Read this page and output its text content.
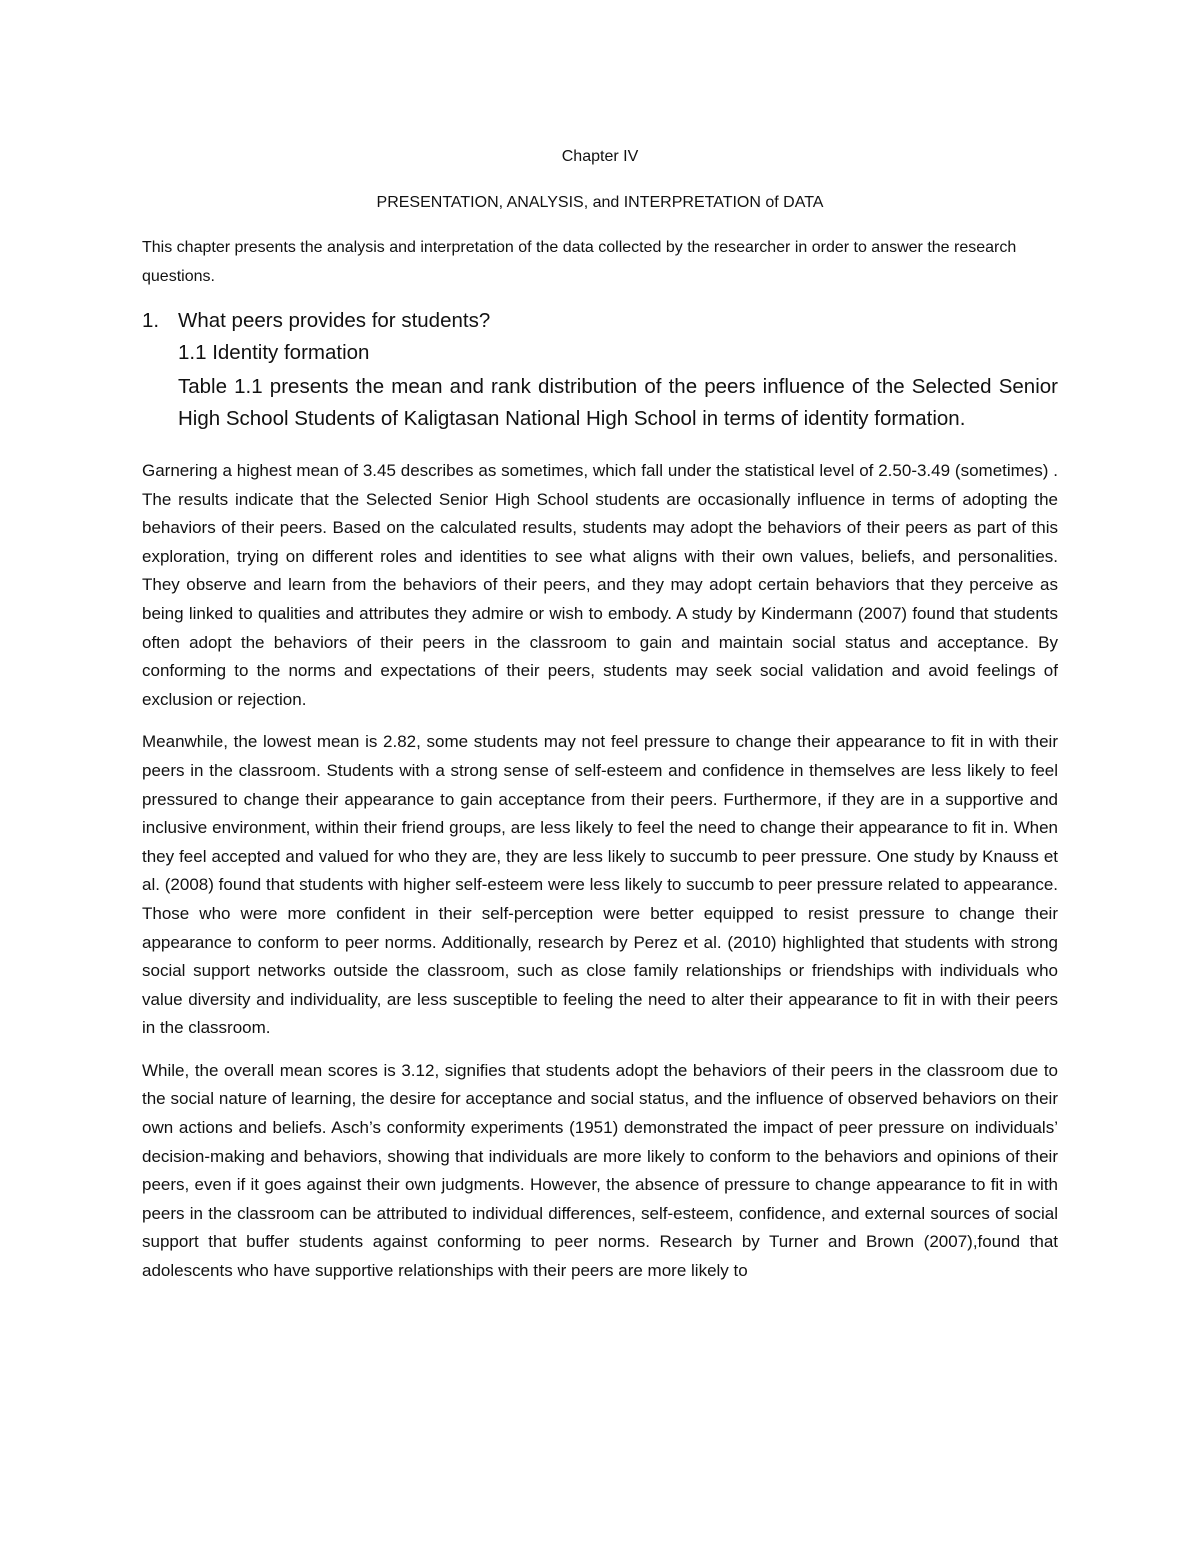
Chapter IV
PRESENTATION, ANALYSIS, and INTERPRETATION of DATA

This chapter presents the analysis and interpretation of the data collected by the researcher in order to answer the research questions.

1. What peers provides for students?
1.1 Identity formation

Table 1.1 presents the mean and rank distribution of the peers influence of the Selected Senior High School Students of Kaligtasan National High School in terms of identity formation.

Garnering a highest mean of 3.45 describes as sometimes, which fall under the statistical level of 2.50-3.49 (sometimes) . The results indicate that the Selected Senior High School students are occasionally influence in terms of adopting the behaviors of their peers. Based on the calculated results, students may adopt the behaviors of their peers as part of this exploration, trying on different roles and identities to see what aligns with their own values, beliefs, and personalities. They observe and learn from the behaviors of their peers, and they may adopt certain behaviors that they perceive as being linked to qualities and attributes they admire or wish to embody. A study by Kindermann (2007) found that students often adopt the behaviors of their peers in the classroom to gain and maintain social status and acceptance. By conforming to the norms and expectations of their peers, students may seek social validation and avoid feelings of exclusion or rejection.

Meanwhile, the lowest mean is 2.82, some students may not feel pressure to change their appearance to fit in with their peers in the classroom. Students with a strong sense of self-esteem and confidence in themselves are less likely to feel pressured to change their appearance to gain acceptance from their peers. Furthermore, if they are in a supportive and inclusive environment, within their friend groups, are less likely to feel the need to change their appearance to fit in. When they feel accepted and valued for who they are, they are less likely to succumb to peer pressure. One study by Knauss et al. (2008) found that students with higher self-esteem were less likely to succumb to peer pressure related to appearance. Those who were more confident in their self-perception were better equipped to resist pressure to change their appearance to conform to peer norms. Additionally, research by Perez et al. (2010) highlighted that students with strong social support networks outside the classroom, such as close family relationships or friendships with individuals who value diversity and individuality, are less susceptible to feeling the need to alter their appearance to fit in with their peers in the classroom.

While, the overall mean scores is 3.12, signifies that students adopt the behaviors of their peers in the classroom due to the social nature of learning, the desire for acceptance and social status, and the influence of observed behaviors on their own actions and beliefs. Asch’s conformity experiments (1951) demonstrated the impact of peer pressure on individuals’ decision-making and behaviors, showing that individuals are more likely to conform to the behaviors and opinions of their peers, even if it goes against their own judgments. However, the absence of pressure to change appearance to fit in with peers in the classroom can be attributed to individual differences, self-esteem, confidence, and external sources of social support that buffer students against conforming to peer norms. Research by Turner and Brown (2007),found that adolescents who have supportive relationships with their peers are more likely to
